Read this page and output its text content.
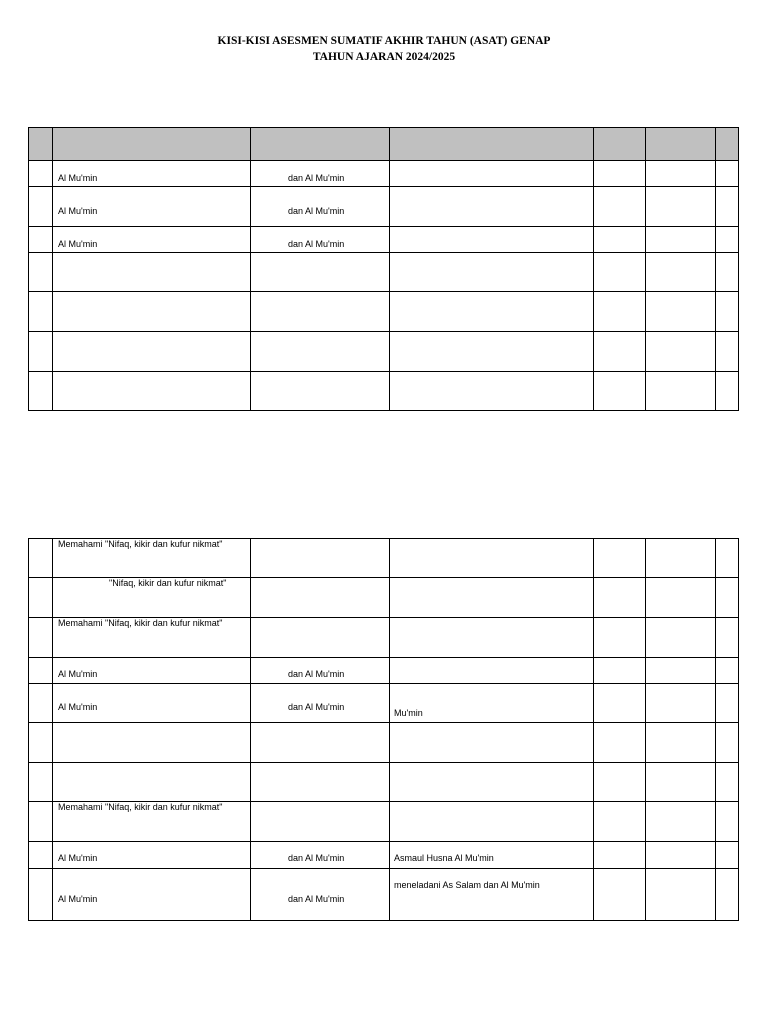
KISI-KISI ASESMEN SUMATIF AKHIR TAHUN (ASAT) GENAP
TAHUN AJARAN 2024/2025

	Al Mu'min	dan Al Mu'min				

	Al Mu'min	dan Al Mu'min				

	Al Mu'min	dan Al Mu'min				

	Memahami "Nifaq, kikir dan kufur nikmat"					

	"Nifaq, kikir dan kufur nikmat"					

	Memahami "Nifaq, kikir dan kufur nikmat"					

	Al Mu'min	dan Al Mu'min				

	Al Mu'min	dan Al Mu'min	Mu'min			

	Memahami "Nifaq, kikir dan kufur nikmat"					

	Al Mu'min	dan Al Mu'min	Asmaul Husna Al Mu'min			

	Al Mu'min	dan Al Mu'min	meneladani As Salam dan Al Mu'min			
